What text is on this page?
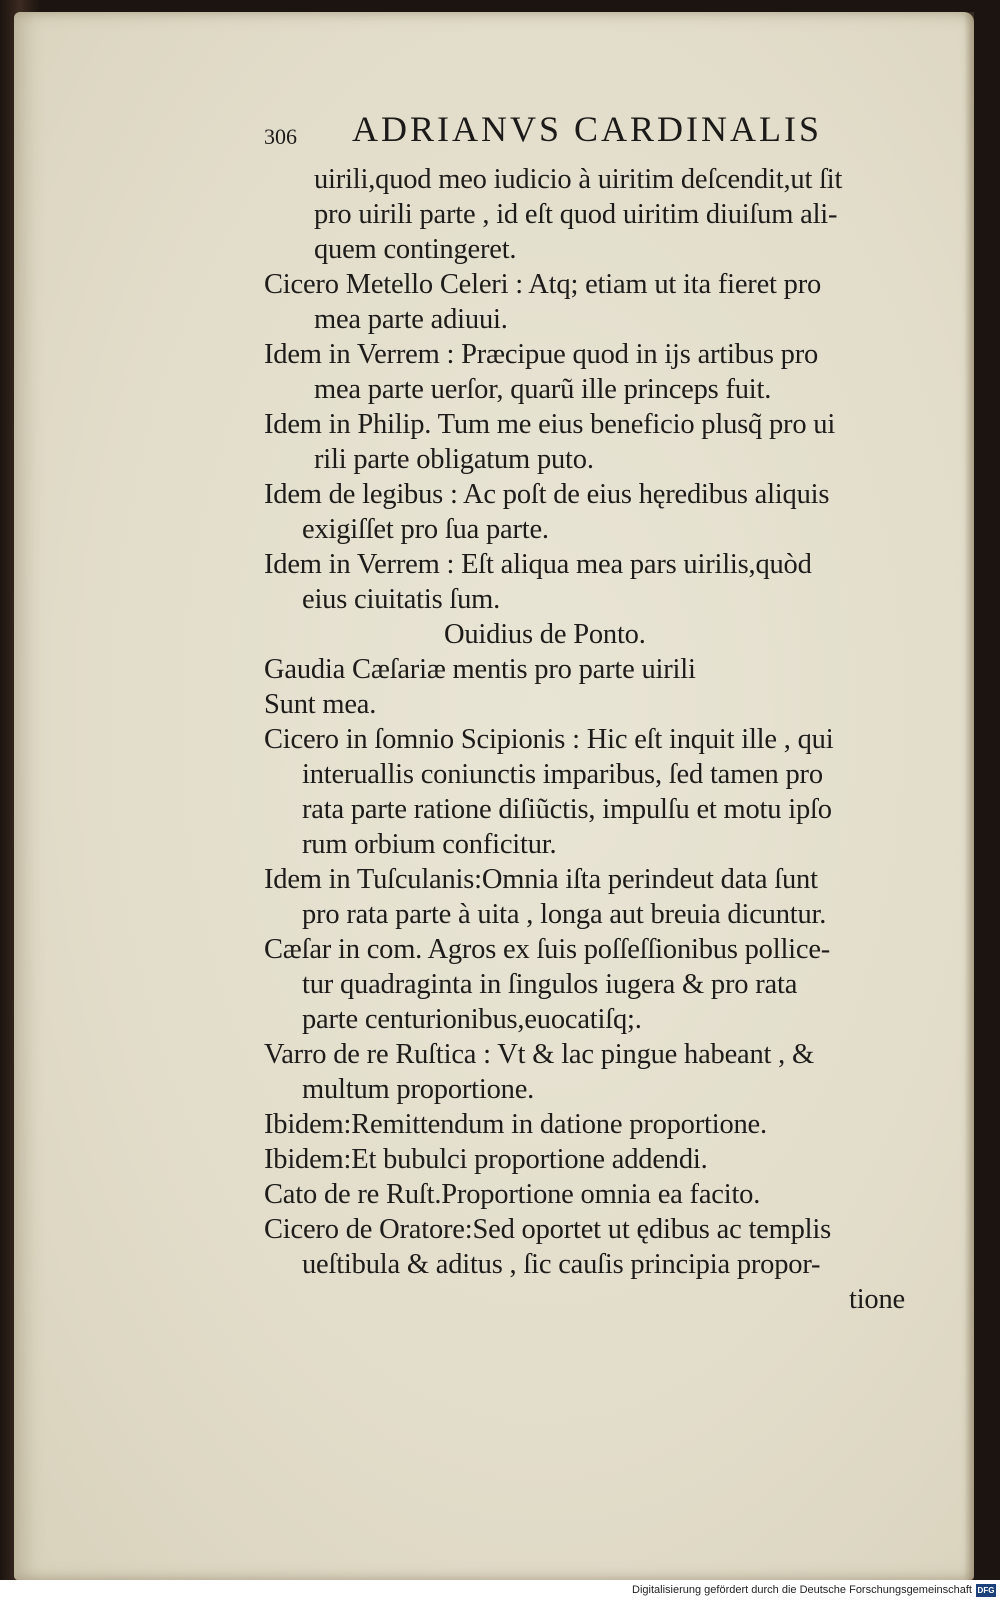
306 ADRIANVS CARDINALIS
uirili,quod meo iudicio à uiritim deſcendit,ut ſit
pro uirili parte , id eſt quod uiritim diuiſum ali-
quem contingeret.
Cicero Metello Celeri : Atq; etiam ut ita fieret pro
mea parte adiuui.
Idem in Verrem : Præcipue quod in ijs artibus pro
mea parte uerſor, quarũ ille princeps fuit.
Idem in Philip. Tum me eius beneficio plusq̃ pro ui
rili parte obligatum puto.
Idem de legibus : Ac poſt de eius hęredibus aliquis
exigiſſet pro ſua parte.
Idem in Verrem : Eſt aliqua mea pars uirilis,quòd
eius ciuitatis ſum.
Ouidius de Ponto.
Gaudia Cæſariæ mentis pro parte uirili
Sunt mea.
Cicero in ſomnio Scipionis : Hic eſt inquit ille , qui
interuallis coniunctis imparibus, ſed tamen pro
rata parte ratione diſiũctis, impulſu et motu ipſo
rum orbium conficitur.
Idem in Tuſculanis:Omnia iſta perindeut data ſunt
pro rata parte à uita , longa aut breuia dicuntur.
Cæſar in com. Agros ex ſuis poſſeſſionibus pollice-
tur quadraginta in ſingulos iugera & pro rata
parte centurionibus,euocatiſq;.
Varro de re Ruſtica : Vt & lac pingue habeant , &
multum proportione.
Ibidem:Remittendum in datione proportione.
Ibidem:Et bubulci proportione addendi.
Cato de re Ruſt.Proportione omnia ea facito.
Cicero de Oratore:Sed oportet ut ędibus ac templis
ueſtibula & aditus , ſic cauſis principia propor-
tione
Digitalisierung gefördert durch die Deutsche Forschungsgemeinschaft DFG
